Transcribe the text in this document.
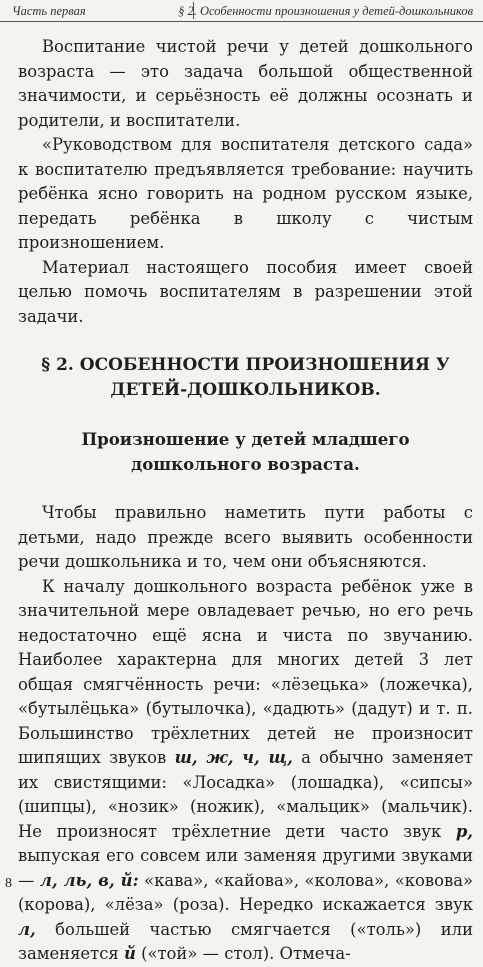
Часть первая	§ 2. Особенности произношения у детей-дошкольников

Воспитание чистой речи у детей дошкольного возраста — это задача большой общественной значимости, и серьёзность её должны осознать и родители, и воспитатели.

«Руководством для воспитателя детского сада» к воспитателю предъявляется требование: научить ребёнка ясно говорить на родном русском языке, передать ребёнка в школу с чистым произношением.

Материал настоящего пособия имеет своей целью помочь воспитателям в разрешении этой задачи.

§ 2. ОСОБЕННОСТИ ПРОИЗНОШЕНИЯ У ДЕТЕЙ-ДОШКОЛЬНИКОВ.

Произношение у детей младшего дошкольного возраста.

Чтобы правильно наметить пути работы с детьми, надо прежде всего выявить особенности речи дошкольника и то, чем они объясняются.

К началу дошкольного возраста ребёнок уже в значительной мере овладевает речью, но его речь недостаточно ещё ясна и чиста по звучанию. Наиболее характерна для многих детей 3 лет общая смягчённость речи: «лёзецька» (ложечка), «бутылёцька» (бутылочка), «дадють» (дадут) и т. п. Большинство трёхлетних детей не произносит шипящих звуков ш, ж, ч, щ, а обычно заменяет их свистящими: «Лосадка» (лошадка), «сипсы» (шипцы), «нозик» (ножик), «мальцик» (мальчик). Не произносят трёхлетние дети часто звук р, выпуская его совсем или заменяя другими звуками — л, ль, в, й: «кава», «кайова», «колова», «ковова» (корова), «лёза» (роза). Нередко искажается звук л, большей частью смягчается («толь») или заменяется й («той» — стол). Отмеча-

8
